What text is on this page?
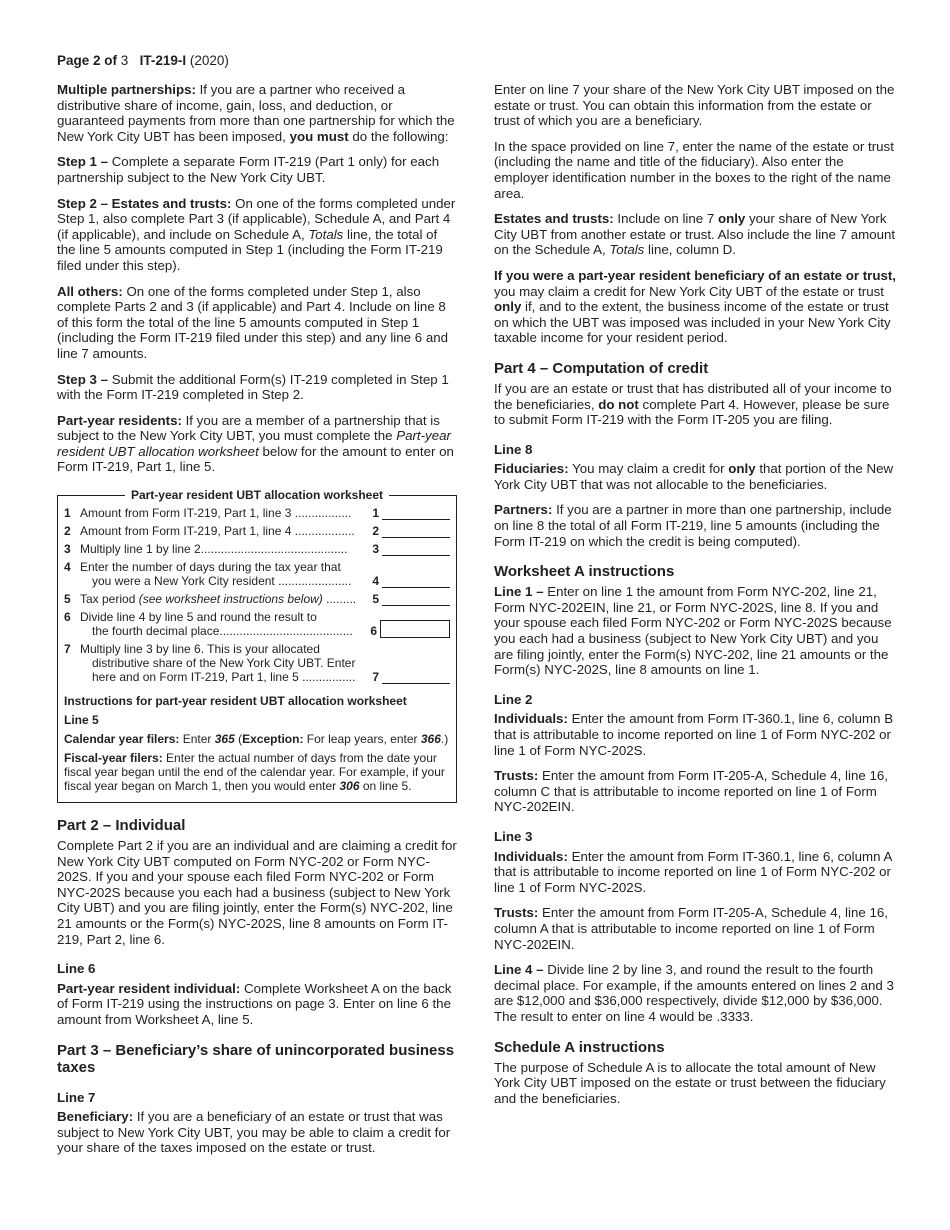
Page 2 of 3 IT-219-I (2020)

Multiple partnerships: If you are a partner who received a distributive share of income, gain, loss, and deduction, or guaranteed payments from more than one partnership for which the New York City UBT has been imposed, you must do the following:

Step 1 – Complete a separate Form IT-219 (Part 1 only) for each partnership subject to the New York City UBT.

Step 2 – Estates and trusts: On one of the forms completed under Step 1, also complete Part 3 (if applicable), Schedule A, and Part 4 (if applicable), and include on Schedule A, Totals line, the total of the line 5 amounts computed in Step 1 (including the Form IT-219 filed under this step).

All others: On one of the forms completed under Step 1, also complete Parts 2 and 3 (if applicable) and Part 4. Include on line 8 of this form the total of the line 5 amounts computed in Step 1 (including the Form IT-219 filed under this step) and any line 6 and line 7 amounts.

Step 3 – Submit the additional Form(s) IT-219 completed in Step 1 with the Form IT-219 completed in Step 2.

Part-year residents: If you are a member of a partnership that is subject to the New York City UBT, you must complete the Part-year resident UBT allocation worksheet below for the amount to enter on Form IT-219, Part 1, line 5.

Part-year resident UBT allocation worksheet
1 Amount from Form IT-219, Part 1, line 3 .................	1
2 Amount from Form IT-219, Part 1, line 4 ..................	2
3 Multiply line 1 by line 2............................................	3
4 Enter the number of days during the tax year that
you were a New York City resident ......................	4
5 Tax period (see worksheet instructions below) .........	5
6 Divide line 4 by line 5 and round the result to
the fourth decimal place........................................	6
7 Multiply line 3 by line 6. This is your allocated
distributive share of the New York City UBT. Enter
here and on Form IT-219, Part 1, line 5 ................	7

Instructions for part-year resident UBT allocation worksheet

Line 5

Calendar year filers: Enter 365 (Exception: For leap years, enter 366.)

Fiscal-year filers: Enter the actual number of days from the date your fiscal year began until the end of the calendar year. For example, if your fiscal year began on March 1, then you would enter 306 on line 5.

Part 2 – Individual

Complete Part 2 if you are an individual and are claiming a credit for New York City UBT computed on Form NYC-202 or Form NYC-202S. If you and your spouse each filed Form NYC-202 or Form NYC-202S because you each had a business (subject to New York City UBT) and you are filing jointly, enter the Form(s) NYC-202, line 21 amounts or the Form(s) NYC-202S, line 8 amounts on Form IT-219, Part 2, line 6.

Line 6

Part-year resident individual: Complete Worksheet A on the back of Form IT-219 using the instructions on page 3. Enter on line 6 the amount from Worksheet A, line 5.

Part 3 – Beneficiary’s share of unincorporated business taxes
Line 7

Beneficiary: If you are a beneficiary of an estate or trust that was subject to New York City UBT, you may be able to claim a credit for your share of the taxes imposed on the estate or trust.

Enter on line 7 your share of the New York City UBT imposed on the estate or trust. You can obtain this information from the estate or trust of which you are a beneficiary.

In the space provided on line 7, enter the name of the estate or trust (including the name and title of the fiduciary). Also enter the employer identification number in the boxes to the right of the name area.

Estates and trusts: Include on line 7 only your share of New York City UBT from another estate or trust. Also include the line 7 amount on the Schedule A, Totals line, column D.

If you were a part-year resident beneficiary of an estate or trust, you may claim a credit for New York City UBT of the estate or trust only if, and to the extent, the business income of the estate or trust on which the UBT was imposed was included in your New York City taxable income for your resident period.

Part 4 – Computation of credit

If you are an estate or trust that has distributed all of your income to the beneficiaries, do not complete Part 4. However, please be sure to submit Form IT-219 with the Form IT-205 you are filing.

Line 8

Fiduciaries: You may claim a credit for only that portion of the New York City UBT that was not allocable to the beneficiaries.

Partners: If you are a partner in more than one partnership, include on line 8 the total of all Form IT-219, line 5 amounts (including the Form IT-219 on which the credit is being computed).

Worksheet A instructions

Line 1 – Enter on line 1 the amount from Form NYC-202, line 21, Form NYC-202EIN, line 21, or Form NYC-202S, line 8. If you and your spouse each filed Form NYC-202 or Form NYC-202S because you each had a business (subject to New York City UBT) and you are filing jointly, enter the Form(s) NYC-202, line 21 amounts or the Form(s) NYC-202S, line 8 amounts on line 1.

Line 2

Individuals: Enter the amount from Form IT-360.1, line 6, column B that is attributable to income reported on line 1 of Form NYC-202 or line 1 of Form NYC-202S.

Trusts: Enter the amount from Form IT-205-A, Schedule 4, line 16, column C that is attributable to income reported on line 1 of Form NYC-202EIN.

Line 3

Individuals: Enter the amount from Form IT-360.1, line 6, column A that is attributable to income reported on line 1 of Form NYC-202 or line 1 of Form NYC-202S.

Trusts: Enter the amount from Form IT-205-A, Schedule 4, line 16, column A that is attributable to income reported on line 1 of Form NYC-202EIN.

Line 4 – Divide line 2 by line 3, and round the result to the fourth decimal place. For example, if the amounts entered on lines 2 and 3 are $12,000 and $36,000 respectively, divide $12,000 by $36,000. The result to enter on line 4 would be .3333.

Schedule A instructions

The purpose of Schedule A is to allocate the total amount of New York City UBT imposed on the estate or trust between the fiduciary and the beneficiaries.
